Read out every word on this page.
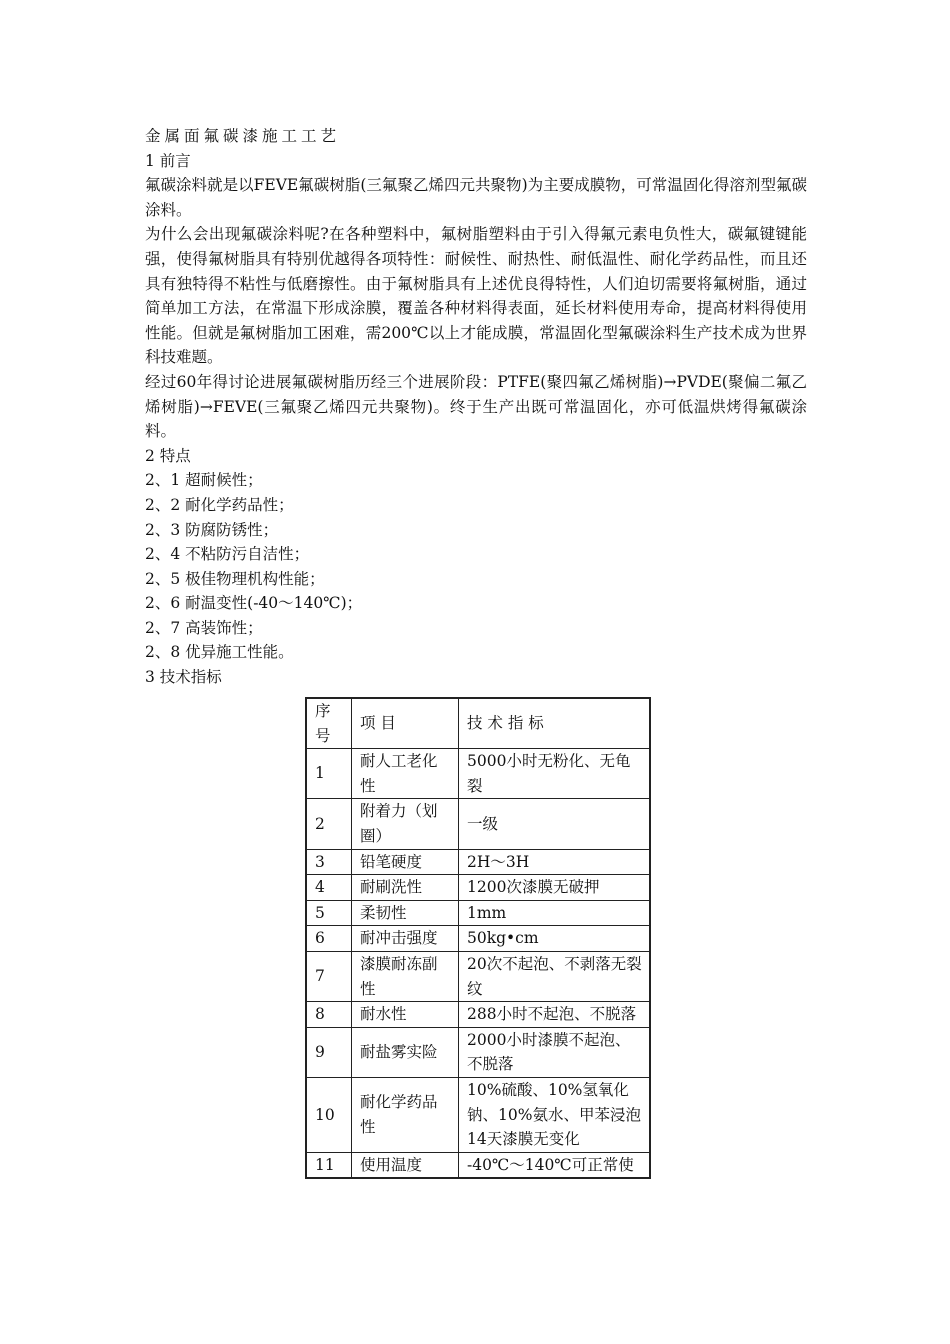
金属面氟碳漆施工工艺

1 前言

氟碳涂料就是以FEVE氟碳树脂(三氟聚乙烯四元共聚物)为主要成膜物，可常温固化得溶剂型氟碳涂料。

为什么会出现氟碳涂料呢?在各种塑料中，氟树脂塑料由于引入得氟元素电负性大，碳氟键键能强，使得氟树脂具有特别优越得各项特性：耐候性、耐热性、耐低温性、耐化学药品性，而且还具有独特得不粘性与低磨擦性。由于氟树脂具有上述优良得特性，人们迫切需要将氟树脂，通过简单加工方法，在常温下形成涂膜，覆盖各种材料得表面，延长材料使用寿命，提高材料得使用性能。但就是氟树脂加工困难，需200℃以上才能成膜，常温固化型氟碳涂料生产技术成为世界科技难题。

经过60年得讨论进展氟碳树脂历经三个进展阶段：PTFE(聚四氟乙烯树脂)→PVDE(聚偏二氟乙烯树脂)→FEVE(三氟聚乙烯四元共聚物)。终于生产出既可常温固化，亦可低温烘烤得氟碳涂料。

2 特点

2、1 超耐候性；

2、2 耐化学药品性；

2、3 防腐防锈性；

2、4 不粘防污自洁性；

2、5 极佳物理机构性能；

2、6 耐温变性(-40～140℃)；

2、7 高装饰性；

2、8 优异施工性能。

3 技术指标

序号	项 目	技 术 指 标
1	耐人工老化性	5000小时无粉化、无龟裂
2	附着力（划圈）	一级
3	铅笔硬度	2H～3H
4	耐刷洗性	1200次漆膜无破押
5	柔韧性	1mm
6	耐冲击强度	50kg•cm
7	漆膜耐冻副性	20次不起泡、不剥落无裂纹
8	耐水性	288小时不起泡、不脱落
9	耐盐雾实险	2000小时漆膜不起泡、不脱落
10	耐化学药品性	10%硫酸、10%氢氧化钠、10%氨水、甲苯浸泡14天漆膜无变化
11	使用温度	-40℃～140℃可正常使
